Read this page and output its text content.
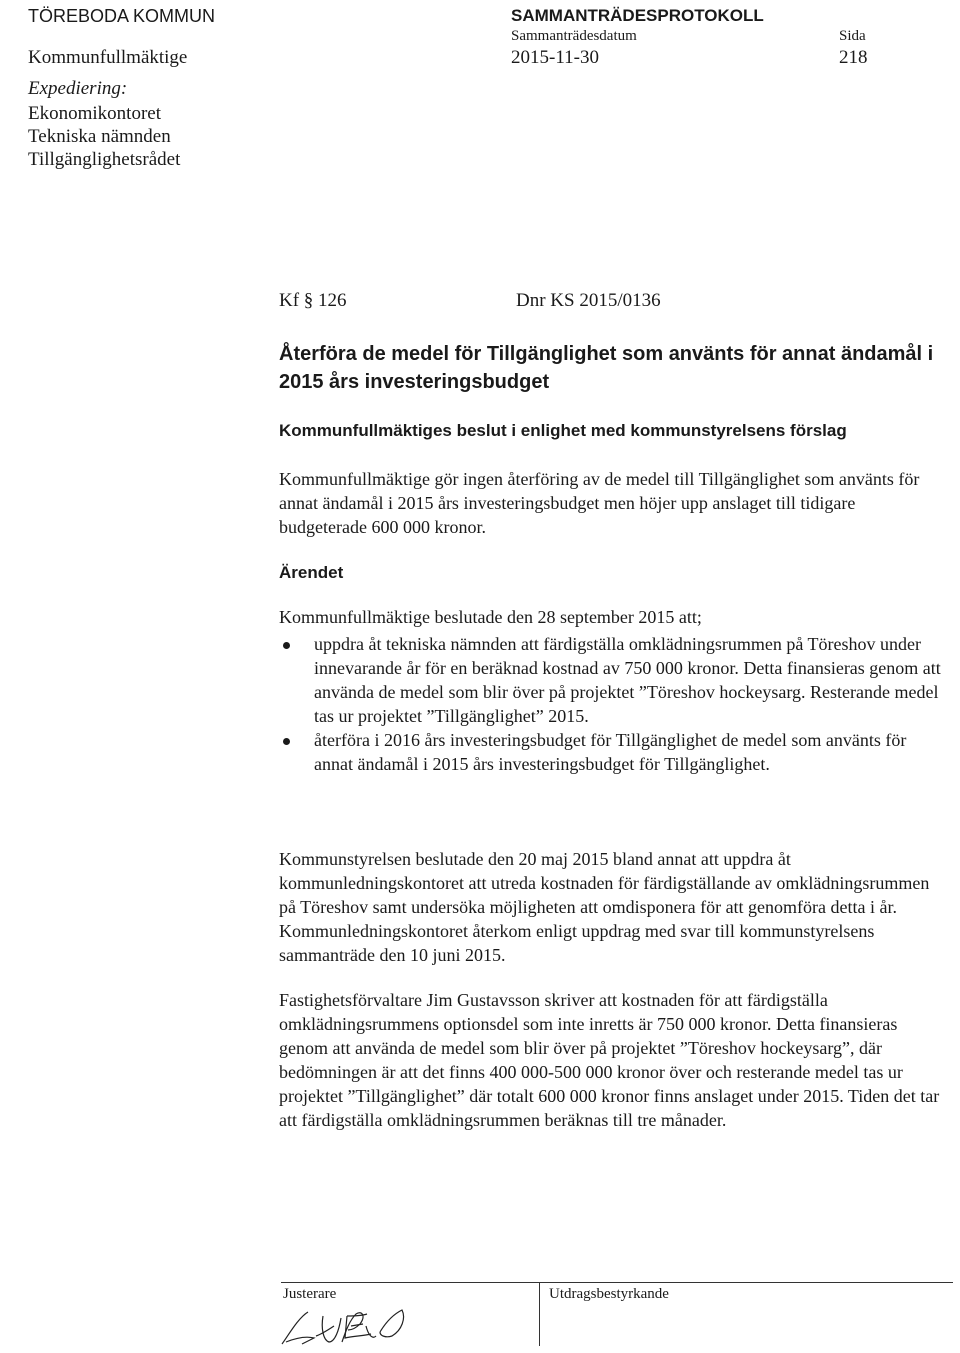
TÖREBODA KOMMUN
Kommunfullmäktige
Expediering:
Ekonomikontoret
Tekniska nämnden
Tillgänglighetsrådet
SAMMANTRÄDESPROTOKOLL
Sammanträdesdatum
2015-11-30
Sida
218
Kf § 126	Dnr KS 2015/0136
Återföra de medel för Tillgänglighet som använts för annat ändamål i 2015 års investeringsbudget
Kommunfullmäktiges beslut i enlighet med kommunstyrelsens förslag
Kommunfullmäktige gör ingen återföring av de medel till Tillgänglighet som använts för annat ändamål i 2015 års investeringsbudget men höjer upp anslaget till tidigare budgeterade 600 000 kronor.
Ärendet
Kommunfullmäktige beslutade den 28 september 2015 att;
uppdra åt tekniska nämnden att färdigställa omklädningsrummen på Töreshov under innevarande år för en beräknad kostnad av 750 000 kronor. Detta finansieras genom att använda de medel som blir över på projektet ”Töreshov hockeysarg. Resterande medel tas ur projektet ”Tillgänglighet” 2015.
återföra i 2016 års investeringsbudget för Tillgänglighet de medel som använts för annat ändamål i 2015 års investeringsbudget för Tillgänglighet.
Kommunstyrelsen beslutade den 20 maj 2015 bland annat att uppdra åt kommunledningskontoret att utreda kostnaden för färdigställande av omklädningsrummen på Töreshov samt undersöka möjligheten att omdisponera för att genomföra detta i år. Kommunledningskontoret återkom enligt uppdrag med svar till kommunstyrelsens sammanträde den 10 juni 2015.
Fastighetsförvaltare Jim Gustavsson skriver att kostnaden för att färdigställa omklädningsrummens optionsdel som inte inretts är 750 000 kronor. Detta finansieras genom att använda de medel som blir över på projektet ”Töreshov hockeysarg”, där bedömningen är att det finns 400 000-500 000 kronor över och resterande medel tas ur projektet ”Tillgänglighet” där totalt 600 000 kronor finns anslaget under 2015. Tiden det tar att färdigställa omklädningsrummen beräknas till tre månader.
Justerare	Utdragsbestyrkande
